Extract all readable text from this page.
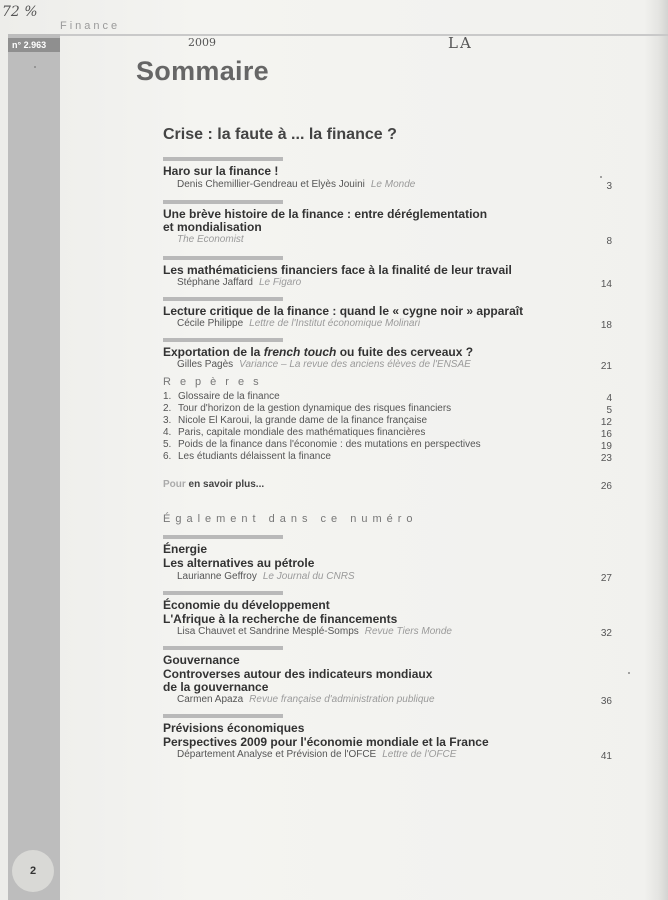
n° 2.963
Finance
72 %
2009	LA
Sommaire
Crise : la faute à ... la finance ?
Haro sur la finance !
Denis Chemillier-Gendreau et Elyès Jouini Le Monde	3
Une brève histoire de la finance : entre déréglementation
et mondialisation
The Economist	8
Les mathématiciens financiers face à la finalité de leur travail
Stéphane Jaffard Le Figaro	14
Lecture critique de la finance : quand le « cygne noir » apparaît
Cécile Philippe Lettre de l'Institut économique Molinari	18
Exportation de la french touch ou fuite des cerveaux ?
Gilles Pagès Variance – La revue des anciens élèves de l'ENSAE	21
Repères
1. Glossaire de la finance	4
2. Tour d'horizon de la gestion dynamique des risques financiers	5
3. Nicole El Karoui, la grande dame de la finance française	12
4. Paris, capitale mondiale des mathématiques financières	16
5. Poids de la finance dans l'économie : des mutations en perspectives	19
6. Les étudiants délaissent la finance	23
Pour en savoir plus...	26
Également dans ce numéro
Énergie
Les alternatives au pétrole
Laurianne Geffroy Le Journal du CNRS	27
Économie du développement
L'Afrique à la recherche de financements
Lisa Chauvet et Sandrine Mesplé-Somps Revue Tiers Monde	32
Gouvernance
Controverses autour des indicateurs mondiaux
de la gouvernance
Carmen Apaza Revue française d'administration publique	36
Prévisions économiques
Perspectives 2009 pour l'économie mondiale et la France
Département Analyse et Prévision de l'OFCE Lettre de l'OFCE	41
2
